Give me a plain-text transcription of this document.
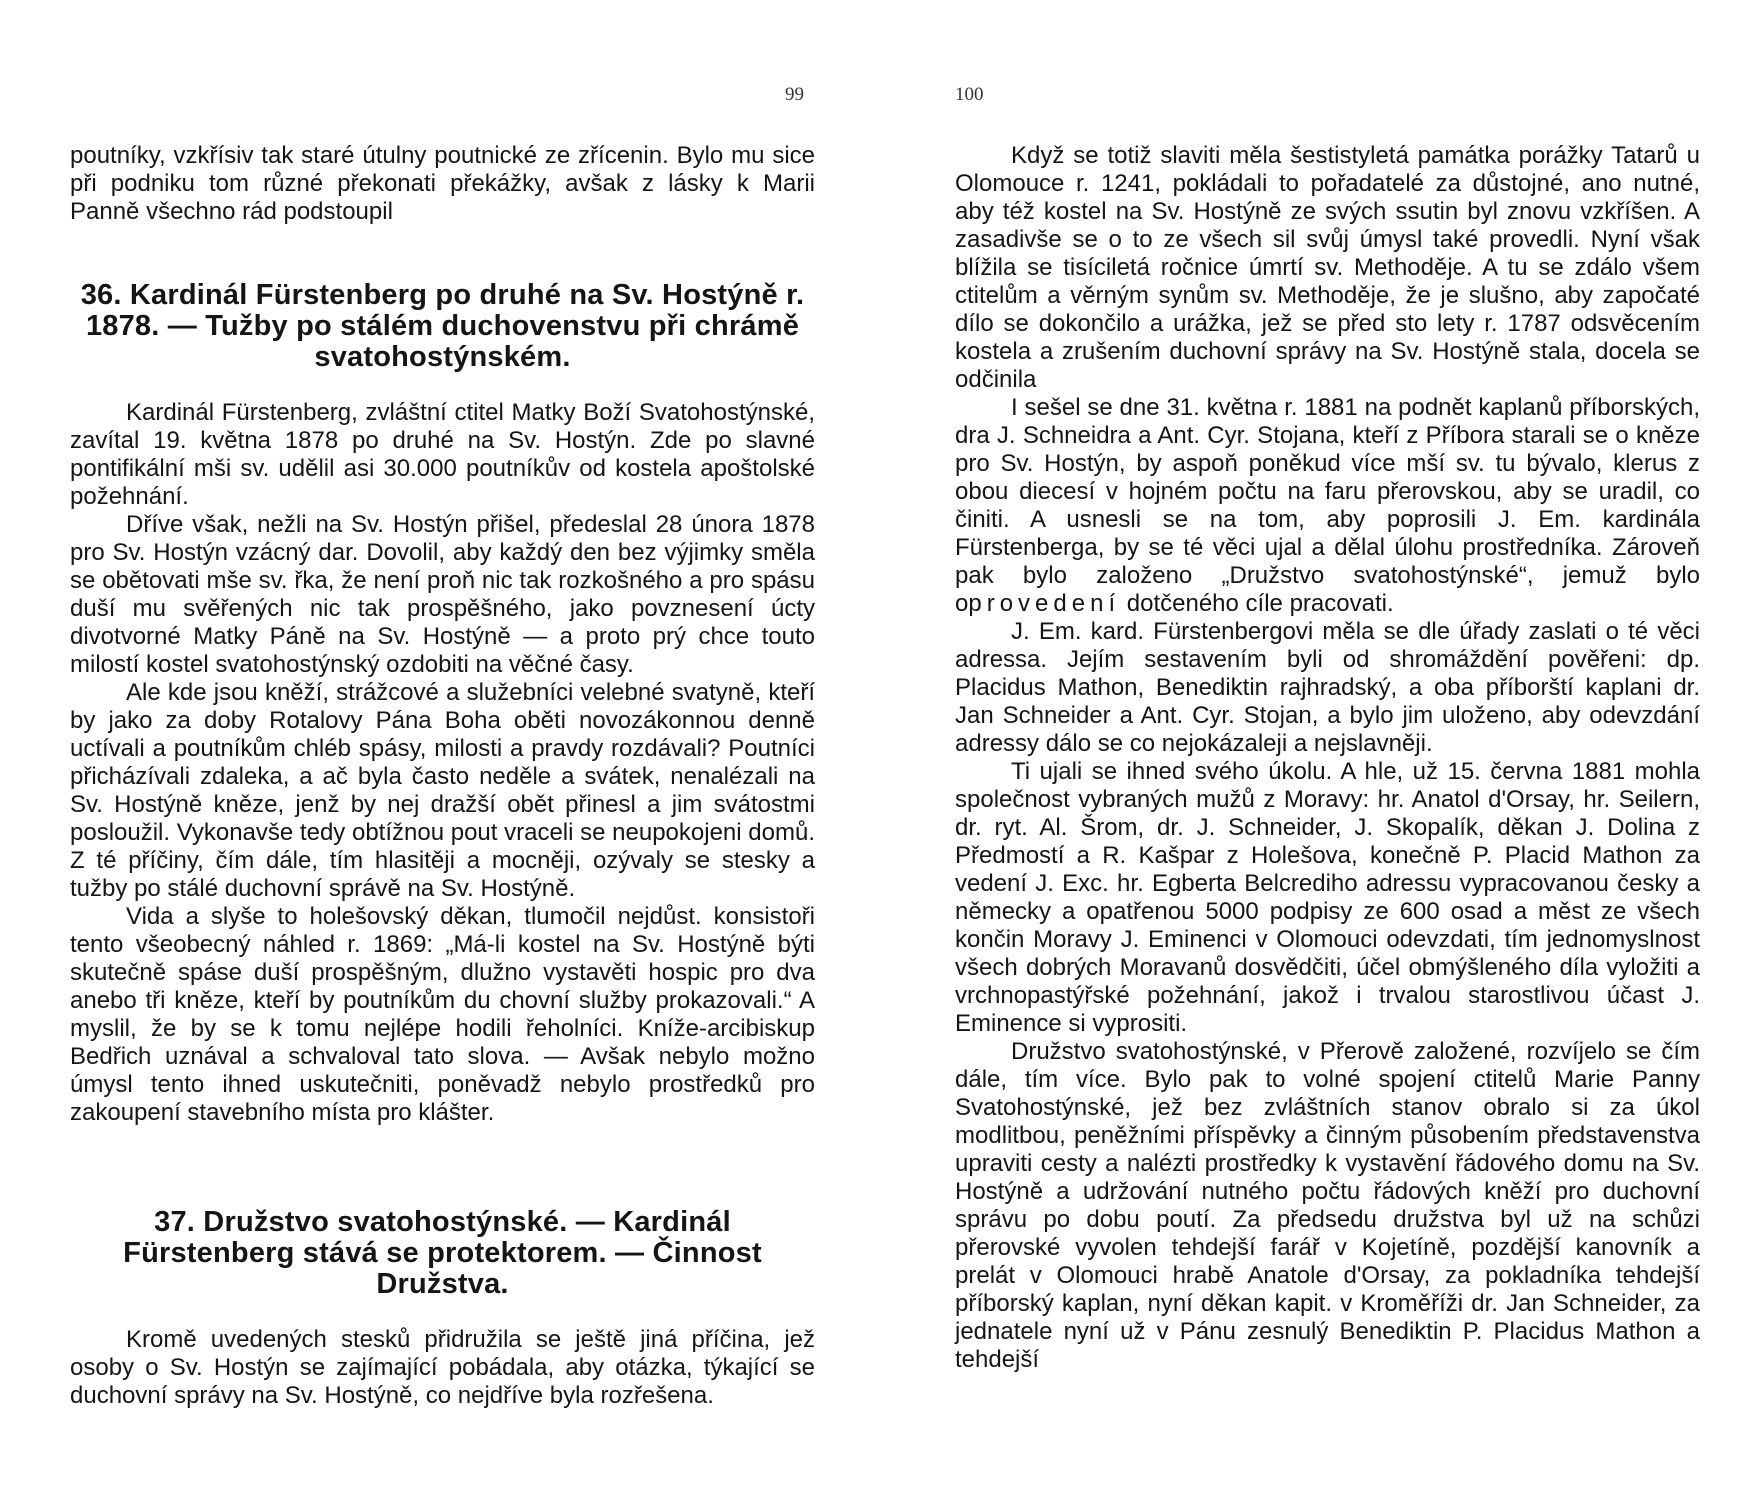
99

poutníky, vzkřísiv tak staré útulny poutnické ze zřícenin. Bylo mu sice při podniku tom různé překonati překážky, avšak z lásky k Marii Panně všechno rád podstoupil

36. Kardinál Fürstenberg po druhé na Sv. Hostýně r. 1878. — Tužby po stálém duchovenstvu při chrámě svatohostýnském.

Kardinál Fürstenberg, zvláštní ctitel Matky Boží Svatohostýnské, zavítal 19. května 1878 po druhé na Sv. Hostýn. Zde po slavné pontifikální mši sv. udělil asi 30.000 poutníkův od kostela apoštolské požehnání.

Dříve však, nežli na Sv. Hostýn přišel, předeslal 28 února 1878 pro Sv. Hostýn vzácný dar. Dovolil, aby každý den bez výjimky směla se obětovati mše sv. řka, že není proň nic tak rozkošného a pro spásu duší mu svěřených nic tak prospěšného, jako povznesení úcty divotvorné Matky Páně na Sv. Hostýně — a proto prý chce touto milostí kostel svatohostýnský ozdobiti na věčné časy.

Ale kde jsou kněží, strážcové a služebníci velebné svatyně, kteří by jako za doby Rotalovy Pána Boha oběti novozákonnou denně uctívali a poutníkům chléb spásy, milosti a pravdy rozdávali? Poutníci přicházívali zdaleka, a ač byla často neděle a svátek, nenalézali na Sv. Hostýně kněze, jenž by nej dražší obět přinesl a jim svátostmi posloužil. Vykonavše tedy obtížnou pout vraceli se neupokojeni domů. Z té příčiny, čím dále, tím hlasitěji a mocněji, ozývaly se stesky a tužby po stálé duchovní správě na Sv. Hostýně.

Vida a slyše to holešovský děkan, tlumočil nejdůst. konsistoři tento všeobecný náhled r. 1869: „Má-li kostel na Sv. Hostýně býti skutečně spáse duší prospěšným, dlužno vystavěti hospic pro dva anebo tři kněze, kteří by poutníkům du chovní služby prokazovali.“ A myslil, že by se k tomu nejlépe hodili řeholníci. Kníže-arcibiskup Bedřich uznával a schvaloval tato slova. — Avšak nebylo možno úmysl tento ihned uskutečniti, poněvadž nebylo prostředků pro zakoupení stavebního místa pro klášter.

37. Družstvo svatohostýnské. — Kardinál Fürstenberg stává se protektorem. — Činnost Družstva.

Kromě uvedených stesků přidružila se ještě jiná příčina, jež osoby o Sv. Hostýn se zajímající pobádala, aby otázka, týkající se duchovní správy na Sv. Hostýně, co nejdříve byla rozřešena.

100

Když se totiž slaviti měla šestistyletá památka porážky Tatarů u Olomouce r. 1241, pokládali to pořadatelé za důstojné, ano nutné, aby též kostel na Sv. Hostýně ze svých ssutin byl znovu vzkříšen. A zasadivše se o to ze všech sil svůj úmysl také provedli. Nyní však blížila se tisíciletá ročnice úmrtí sv. Methoděje. A tu se zdálo všem ctitelům a věrným synům sv. Methoděje, že je slušno, aby započaté dílo se dokončilo a urážka, jež se před sto lety r. 1787 odsvěcením kostela a zrušením duchovní správy na Sv. Hostýně stala, docela se odčinila

I sešel se dne 31. května r. 1881 na podnět kaplanů příborských, dra J. Schneidra a Ant. Cyr. Stojana, kteří z Příbora starali se o kněze pro Sv. Hostýn, by aspoň poněkud více mší sv. tu bývalo, klerus z obou diecesí v hojném počtu na faru přerovskou, aby se uradil, co činiti. A usnesli se na tom, aby poprosili J. Em. kardinála Fürstenberga, by se té věci ujal a dělal úlohu prostředníka. Zároveň pak bylo založeno „Družstvo svatohostýnské“, jemuž bylo oprovedení dotčeného cíle pracovati.

J. Em. kard. Fürstenbergovi měla se dle úřady zaslati o té věci adressa. Jejím sestavením byli od shromáždění pověřeni: dp. Placidus Mathon, Benediktin rajhradský, a oba příborští kaplani dr. Jan Schneider a Ant. Cyr. Stojan, a bylo jim uloženo, aby odevzdání adressy dálo se co nejokázaleji a nejslavněji.

Ti ujali se ihned svého úkolu. A hle, už 15. června 1881 mohla společnost vybraných mužů z Moravy: hr. Anatol d'Orsay, hr. Seilern, dr. ryt. Al. Šrom, dr. J. Schneider, J. Skopalík, děkan J. Dolina z Předmostí a R. Kašpar z Holešova, konečně P. Placid Mathon za vedení J. Exc. hr. Egberta Belcrediho adressu vypracovanou česky a německy a opatřenou 5000 podpisy ze 600 osad a měst ze všech končin Moravy J. Eminenci v Olomouci odevzdati, tím jednomyslnost všech dobrých Moravanů dosvědčiti, účel obmýšleného díla vyložiti a vrchnopastýřské požehnání, jakož i trvalou starostlivou účast J. Eminence si vyprositi.

Družstvo svatohostýnské, v Přerově založené, rozvíjelo se čím dále, tím více. Bylo pak to volné spojení ctitelů Marie Panny Svatohostýnské, jež bez zvláštních stanov obralo si za úkol modlitbou, peněžními příspěvky a činným působením představenstva upraviti cesty a nalézti prostředky k vystavění řádového domu na Sv. Hostýně a udržování nutného počtu řádových kněží pro duchovní správu po dobu poutí. Za předsedu družstva byl už na schůzi přerovské vyvolen tehdejší farář v Kojetíně, pozdější kanovník a prelát v Olomouci hrabě Anatole d'Orsay, za pokladníka tehdejší příborský kaplan, nyní děkan kapit. v Kroměříži dr. Jan Schneider, za jednatele nyní už v Pánu zesnulý Benediktin P. Placidus Mathon a tehdejší
